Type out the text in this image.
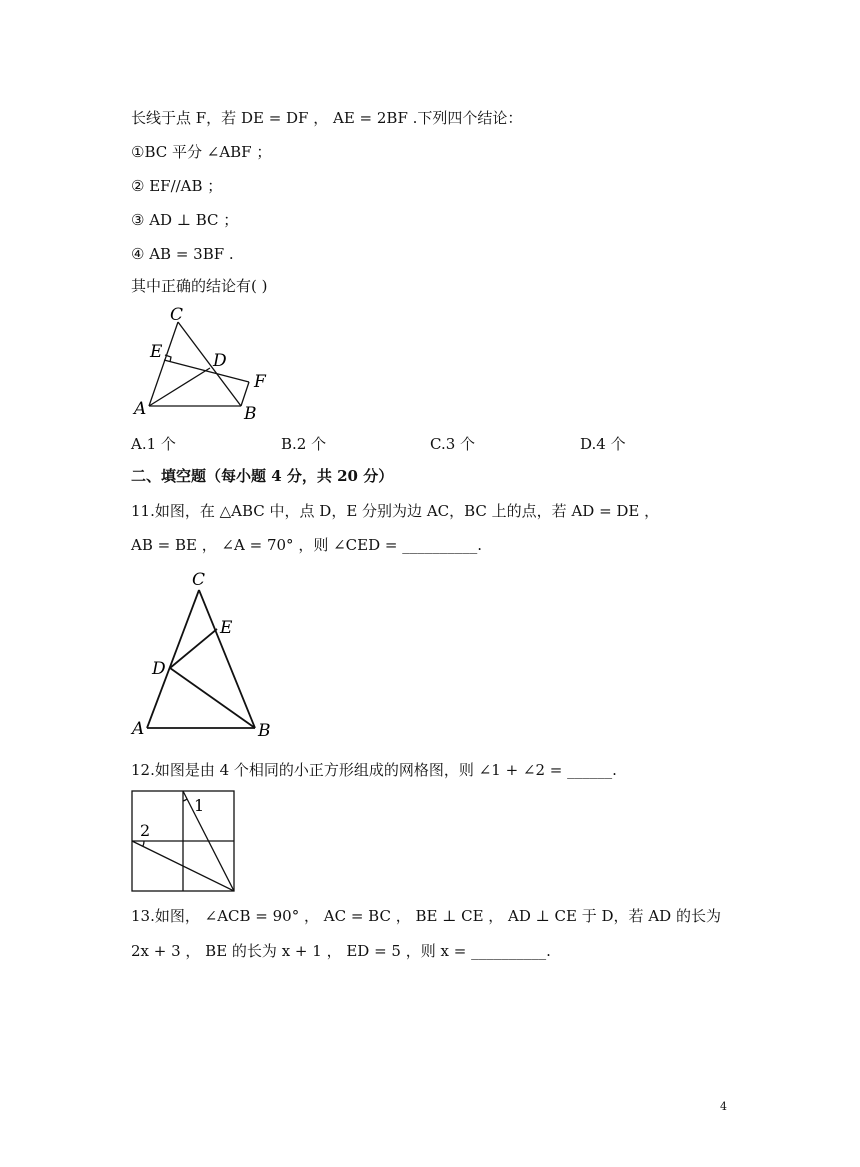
长线于点 F，若 DE = DF ， AE = 2BF .下列四个结论：
①BC 平分 ∠ABF ；
② EF//AB ；
③ AD ⊥ BC ；
④ AB = 3BF .
其中正确的结论有( )
C
E	D
F
A	B
A.1 个	B.2 个	C.3 个	D.4 个
二、填空题（每小题 4 分，共 20 分）
11.如图，在 △ABC 中，点 D，E 分别为边 AC，BC 上的点，若 AD = DE ，
AB = BE ， ∠A = 70° ，则 ∠CED = __________.
C
E
D
A	B
12.如图是由 4 个相同的小正方形组成的网格图，则 ∠1 + ∠2 = ______.
1
2
13.如图， ∠ACB = 90° ， AC = BC ， BE ⊥ CE ， AD ⊥ CE 于 D，若 AD 的长为
2x + 3 ， BE 的长为 x + 1 ， ED = 5 ，则 x = __________.
4
